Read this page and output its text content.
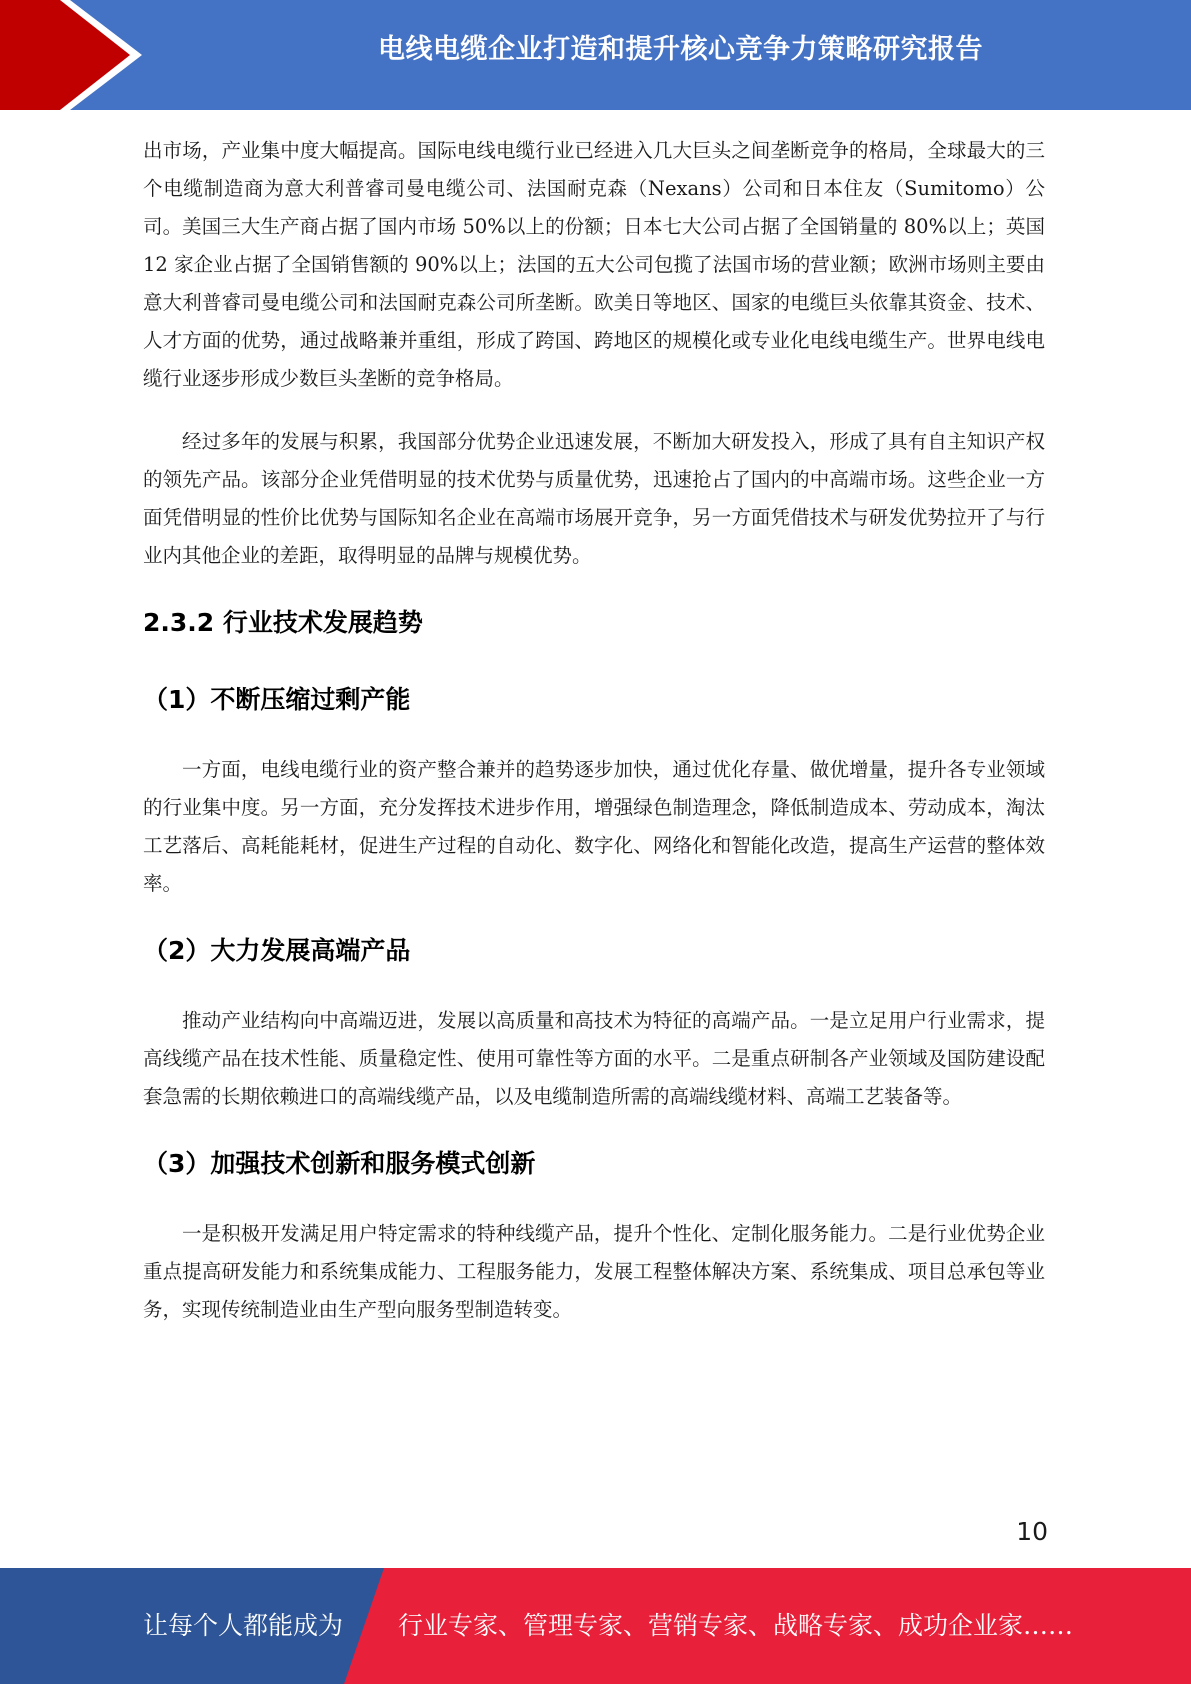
电线电缆企业打造和提升核心竞争力策略研究报告

出市场，产业集中度大幅提高。国际电线电缆行业已经进入几大巨头之间垄断竞争的格局，全球最大的三个电缆制造商为意大利普睿司曼电缆公司、法国耐克森（Nexans）公司和日本住友（Sumitomo）公司。美国三大生产商占据了国内市场 50%以上的份额；日本七大公司占据了全国销量的 80%以上；英国 12 家企业占据了全国销售额的 90%以上；法国的五大公司包揽了法国市场的营业额；欧洲市场则主要由意大利普睿司曼电缆公司和法国耐克森公司所垄断。欧美日等地区、国家的电缆巨头依靠其资金、技术、人才方面的优势，通过战略兼并重组，形成了跨国、跨地区的规模化或专业化电线电缆生产。世界电线电缆行业逐步形成少数巨头垄断的竞争格局。

经过多年的发展与积累，我国部分优势企业迅速发展，不断加大研发投入，形成了具有自主知识产权的领先产品。该部分企业凭借明显的技术优势与质量优势，迅速抢占了国内的中高端市场。这些企业一方面凭借明显的性价比优势与国际知名企业在高端市场展开竞争，另一方面凭借技术与研发优势拉开了与行业内其他企业的差距，取得明显的品牌与规模优势。

2.3.2 行业技术发展趋势
（1）不断压缩过剩产能

一方面，电线电缆行业的资产整合兼并的趋势逐步加快，通过优化存量、做优增量，提升各专业领域的行业集中度。另一方面，充分发挥技术进步作用，增强绿色制造理念，降低制造成本、劳动成本，淘汰工艺落后、高耗能耗材，促进生产过程的自动化、数字化、网络化和智能化改造，提高生产运营的整体效率。

（2）大力发展高端产品

推动产业结构向中高端迈进，发展以高质量和高技术为特征的高端产品。一是立足用户行业需求，提高线缆产品在技术性能、质量稳定性、使用可靠性等方面的水平。二是重点研制各产业领域及国防建设配套急需的长期依赖进口的高端线缆产品，以及电缆制造所需的高端线缆材料、高端工艺装备等。

（3）加强技术创新和服务模式创新

一是积极开发满足用户特定需求的特种线缆产品，提升个性化、定制化服务能力。二是行业优势企业重点提高研发能力和系统集成能力、工程服务能力，发展工程整体解决方案、系统集成、项目总承包等业务，实现传统制造业由生产型向服务型制造转变。

10
让每个人都能成为 行业专家、管理专家、营销专家、战略专家、成功企业家……
